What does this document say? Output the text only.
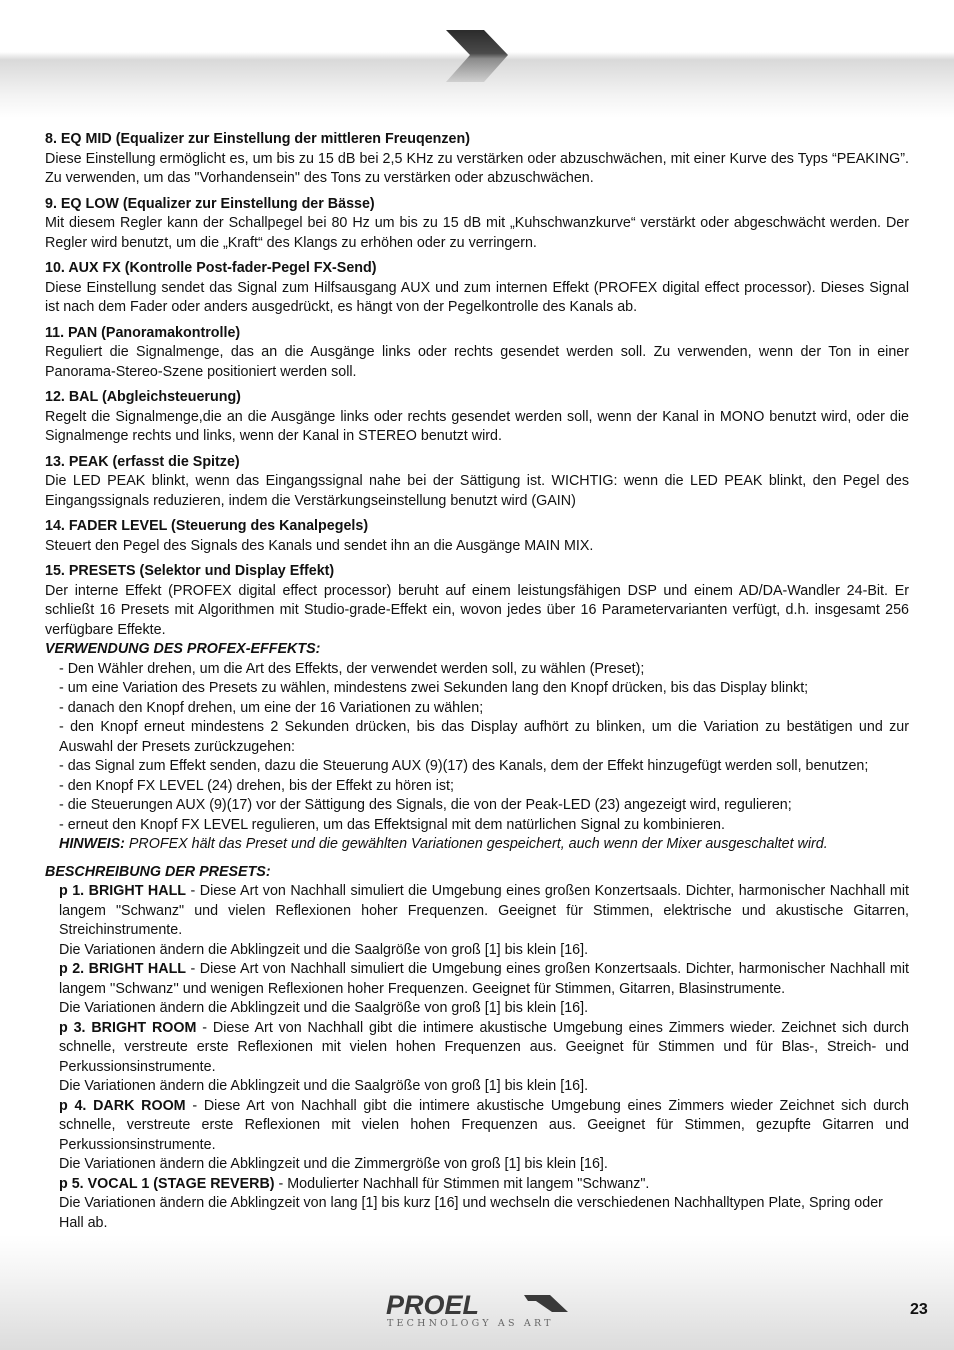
8. EQ MID (Equalizer zur Einstellung der mittleren Freuqenzen)
Diese Einstellung ermöglicht es, um bis zu 15 dB bei 2,5 KHz zu verstärken oder abzuschwächen, mit einer Kurve des Typs “PEAKING”. Zu verwenden, um das "Vorhandensein" des Tons zu verstärken oder abzuschwächen.
9. EQ LOW (Equalizer zur Einstellung der Bässe)
Mit diesem Regler kann der Schallpegel bei 80 Hz um bis zu 15 dB mit „Kuhschwanzkurve“ verstärkt oder abgeschwächt werden. Der Regler wird benutzt, um die „Kraft“ des Klangs zu erhöhen oder zu verringern.
10. AUX FX (Kontrolle Post-fader-Pegel FX-Send)
Diese Einstellung sendet das Signal zum Hilfsausgang AUX und zum internen Effekt (PROFEX digital effect processor). Dieses Signal ist nach dem Fader oder anders ausgedrückt, es hängt von der Pegelkontrolle des Kanals ab.
11. PAN (Panoramakontrolle)
Reguliert die Signalmenge, das an die Ausgänge links oder rechts gesendet werden soll. Zu verwenden, wenn der Ton in einer Panorama-Stereo-Szene positioniert werden soll.
12. BAL (Abgleichsteuerung)
Regelt die Signalmenge,die an die Ausgänge links oder rechts gesendet werden soll, wenn der Kanal in MONO benutzt wird, oder die Signalmenge rechts und links, wenn der Kanal in STEREO benutzt wird.
13. PEAK (erfasst die Spitze)
Die LED PEAK blinkt, wenn das Eingangssignal nahe bei der Sättigung ist. WICHTIG: wenn die LED PEAK blinkt, den Pegel des Eingangssignals reduzieren, indem die Verstärkungseinstellung benutzt wird (GAIN)
14. FADER LEVEL (Steuerung des Kanalpegels)
Steuert den Pegel des Signals des Kanals und sendet ihn an die Ausgänge MAIN MIX.
15. PRESETS (Selektor und Display Effekt)
Der interne Effekt (PROFEX digital effect processor) beruht auf einem leistungsfähigen DSP und einem AD/DA-Wandler 24-Bit. Er schließt 16 Presets mit Algorithmen mit Studio-grade-Effekt ein, wovon jedes über 16 Parametervarianten verfügt, d.h. insgesamt 256 verfügbare Effekte.
VERWENDUNG DES PROFEX-EFFEKTS:
- Den Wähler drehen, um die Art des Effekts, der verwendet werden soll, zu wählen (Preset);
- um eine Variation des Presets zu wählen, mindestens zwei Sekunden lang den Knopf drücken, bis das Display blinkt;
- danach den Knopf drehen, um eine der 16 Variationen zu wählen;
- den Knopf erneut mindestens 2 Sekunden drücken, bis das Display aufhört zu blinken, um die Variation zu bestätigen und zur Auswahl der Presets zurückzugehen:
- das Signal zum Effekt senden, dazu die Steuerung AUX (9)(17) des Kanals, dem der Effekt hinzugefügt werden soll, benutzen;
- den Knopf FX LEVEL (24) drehen, bis der Effekt zu hören ist;
- die Steuerungen AUX (9)(17) vor der Sättigung des Signals, die von der Peak-LED (23) angezeigt wird, regulieren;
- erneut den Knopf FX LEVEL regulieren, um das Effektsignal mit dem natürlichen Signal zu kombinieren.
HINWEIS: PROFEX hält das Preset und die gewählten Variationen gespeichert, auch wenn der Mixer ausgeschaltet wird.
BESCHREIBUNG DER PRESETS:
p 1. BRIGHT HALL - Diese Art von Nachhall simuliert die Umgebung eines großen Konzertsaals. Dichter, harmonischer Nachhall mit langem "Schwanz" und vielen Reflexionen hoher Frequenzen. Geeignet für Stimmen, elektrische und akustische Gitarren, Streichinstrumente.
Die Variationen ändern die Abklingzeit und die Saalgröße von groß [1] bis klein [16].
p 2. BRIGHT HALL - Diese Art von Nachhall simuliert die Umgebung eines großen Konzertsaals. Dichter, harmonischer Nachhall mit langem ''Schwanz'' und wenigen Reflexionen hoher Frequenzen. Geeignet für Stimmen, Gitarren, Blasinstrumente.
Die Variationen ändern die Abklingzeit und die Saalgröße von groß [1] bis klein [16].
p 3. BRIGHT ROOM - Diese Art von Nachhall gibt die intimere akustische Umgebung eines Zimmers wieder. Zeichnet sich durch schnelle, verstreute erste Reflexionen mit vielen hohen Frequenzen aus. Geeignet für Stimmen und für Blas-, Streich- und Perkussionsinstrumente.
Die Variationen ändern die Abklingzeit und die Saalgröße von groß [1] bis klein [16].
p 4. DARK ROOM - Diese Art von Nachhall gibt die intimere akustische Umgebung eines Zimmers wieder Zeichnet sich durch schnelle, verstreute erste Reflexionen mit vielen hohen Frequenzen aus. Geeignet für Stimmen, gezupfte Gitarren und Perkussionsinstrumente.
Die Variationen ändern die Abklingzeit und die Zimmergröße von groß [1] bis klein [16].
p 5. VOCAL 1 (STAGE REVERB) - Modulierter Nachhall für Stimmen mit langem "Schwanz".
Die Variationen ändern die Abklingzeit von lang [1] bis kurz [16] und wechseln die verschiedenen Nachhalltypen Plate, Spring oder Hall ab.
PROEL
TECHNOLOGY AS ART
23
